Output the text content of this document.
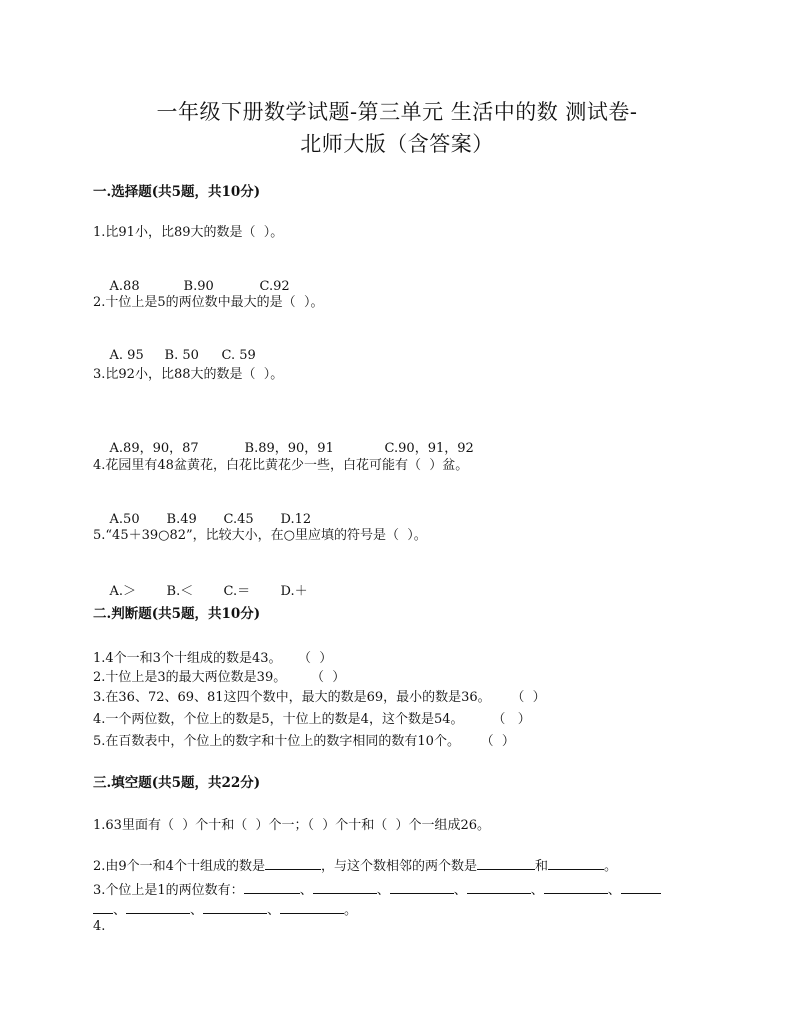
一年级下册数学试题-第三单元 生活中的数 测试卷-
北师大版（含答案）
一.选择题(共5题，共10分)
1.比91小，比89大的数是（  ）。

A.88	B.90	C.92

2.十位上是5的两位数中最大的是（  ）。

A. 95 B. 50 C. 59

3.比92小，比88大的数是（  ）。

A.89，90，87	B.89，90，91	C.90，91，92

4.花园里有48盆黄花，白花比黄花少一些，白花可能有（  ）盆。

A.50 B.49 C.45 D.12

5.“45＋39○82”，比较大小，在○里应填的符号是（  ）。

A.＞ B.＜ C.＝ D.＋

二.判断题(共5题，共10分)
1.4个一和3个十组成的数是43。    （  ）
2.十位上是3的最大两位数是39。      （  ）
3.在36、72、69、81这四个数中，最大的数是69，最小的数是36。     （  ）
4.一个两位数，个位上的数是5，十位上的数是4，这个数是54。       （   ）
5.在百数表中，个位上的数字和十位上的数字相同的数有10个。     （  ）
三.填空题(共5题，共22分)
1.63里面有（  ）个十和（  ）个一；（  ）个十和（  ）个一组成26。
2.由9个一和4个十组成的数是	，与这个数相邻的两个数是	和	。
3.个位上是1的两位数有：	、	、	、	、	、
、	、	、	。
4.
